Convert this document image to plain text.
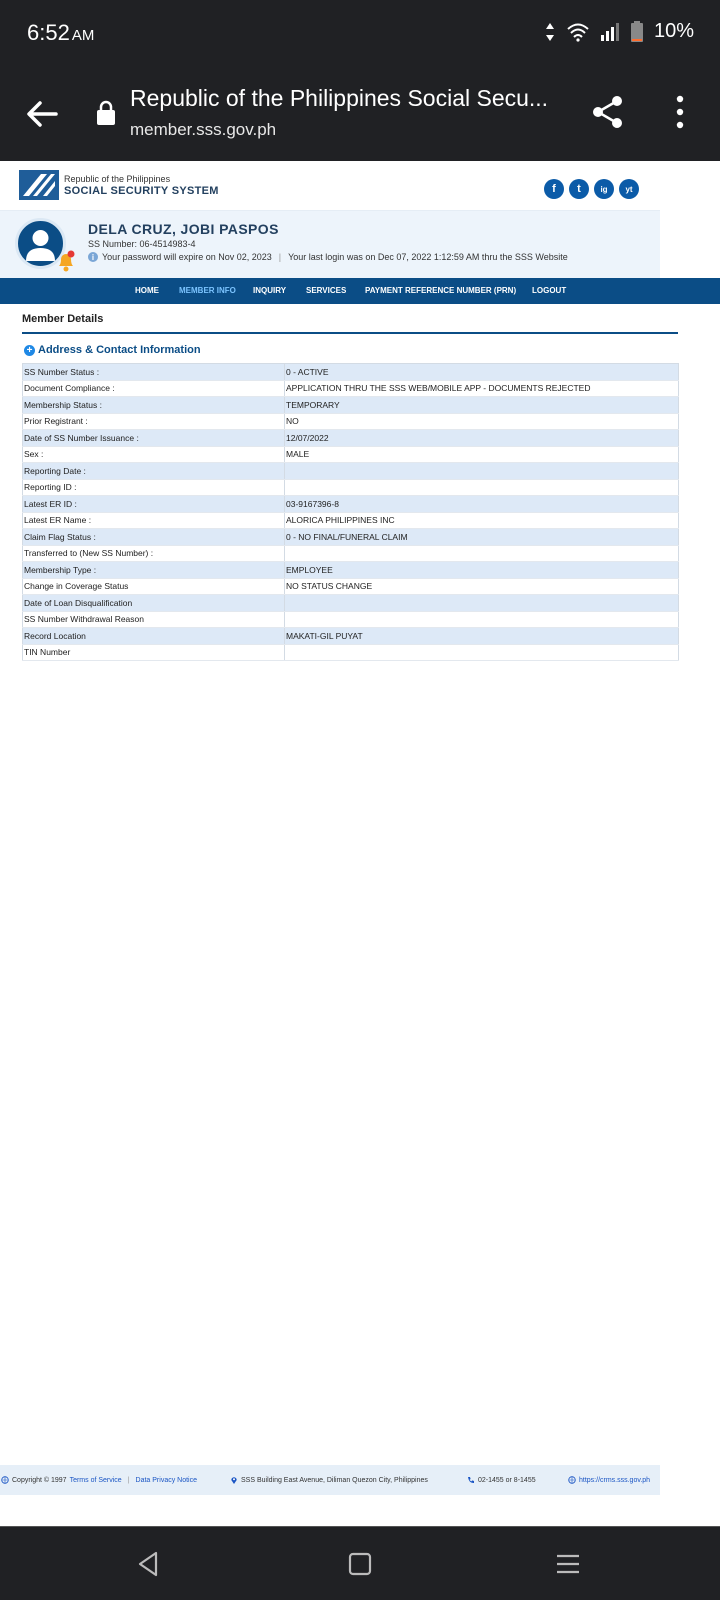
6:52 AM	10%
Republic of the Philippines Social Secu...
member.sss.gov.ph
Republic of the Philippines
SOCIAL SECURITY SYSTEM	f	t	ig	yt
DELA CRUZ, JOBI PASPOS
SS Number: 06-4514983-4
i Your password will expire on Nov 02, 2023 | Your last login was on Dec 07, 2022 1:12:59 AM thru the SSS Website
HOME	MEMBER INFO INQUIRY SERVICES PAYMENT REFERENCE NUMBER (PRN) LOGOUT
Member Details
+ Address & Contact Information
SS Number Status :	0 - ACTIVE
Document Compliance :	APPLICATION THRU THE SSS WEB/MOBILE APP - DOCUMENTS REJECTED
Membership Status :	TEMPORARY
Prior Registrant :	NO
Date of SS Number Issuance :	12/07/2022
Sex :	MALE
Reporting Date :	
Reporting ID :	
Latest ER ID :	03-9167396-8
Latest ER Name :	ALORICA PHILIPPINES INC
Claim Flag Status :	0 - NO FINAL/FUNERAL CLAIM
Transferred to (New SS Number) :	
Membership Type :	EMPLOYEE
Change in Coverage Status	NO STATUS CHANGE
Date of Loan Disqualification	
SS Number Withdrawal Reason	
Record Location	MAKATI-GIL PUYAT
TIN Number	
Copyright © 1997 Terms of Service | Data Privacy Notice	SSS Building East Avenue, Diliman Quezon City, Philippines	02-1455 or 8-1455	https://crms.sss.gov.ph
